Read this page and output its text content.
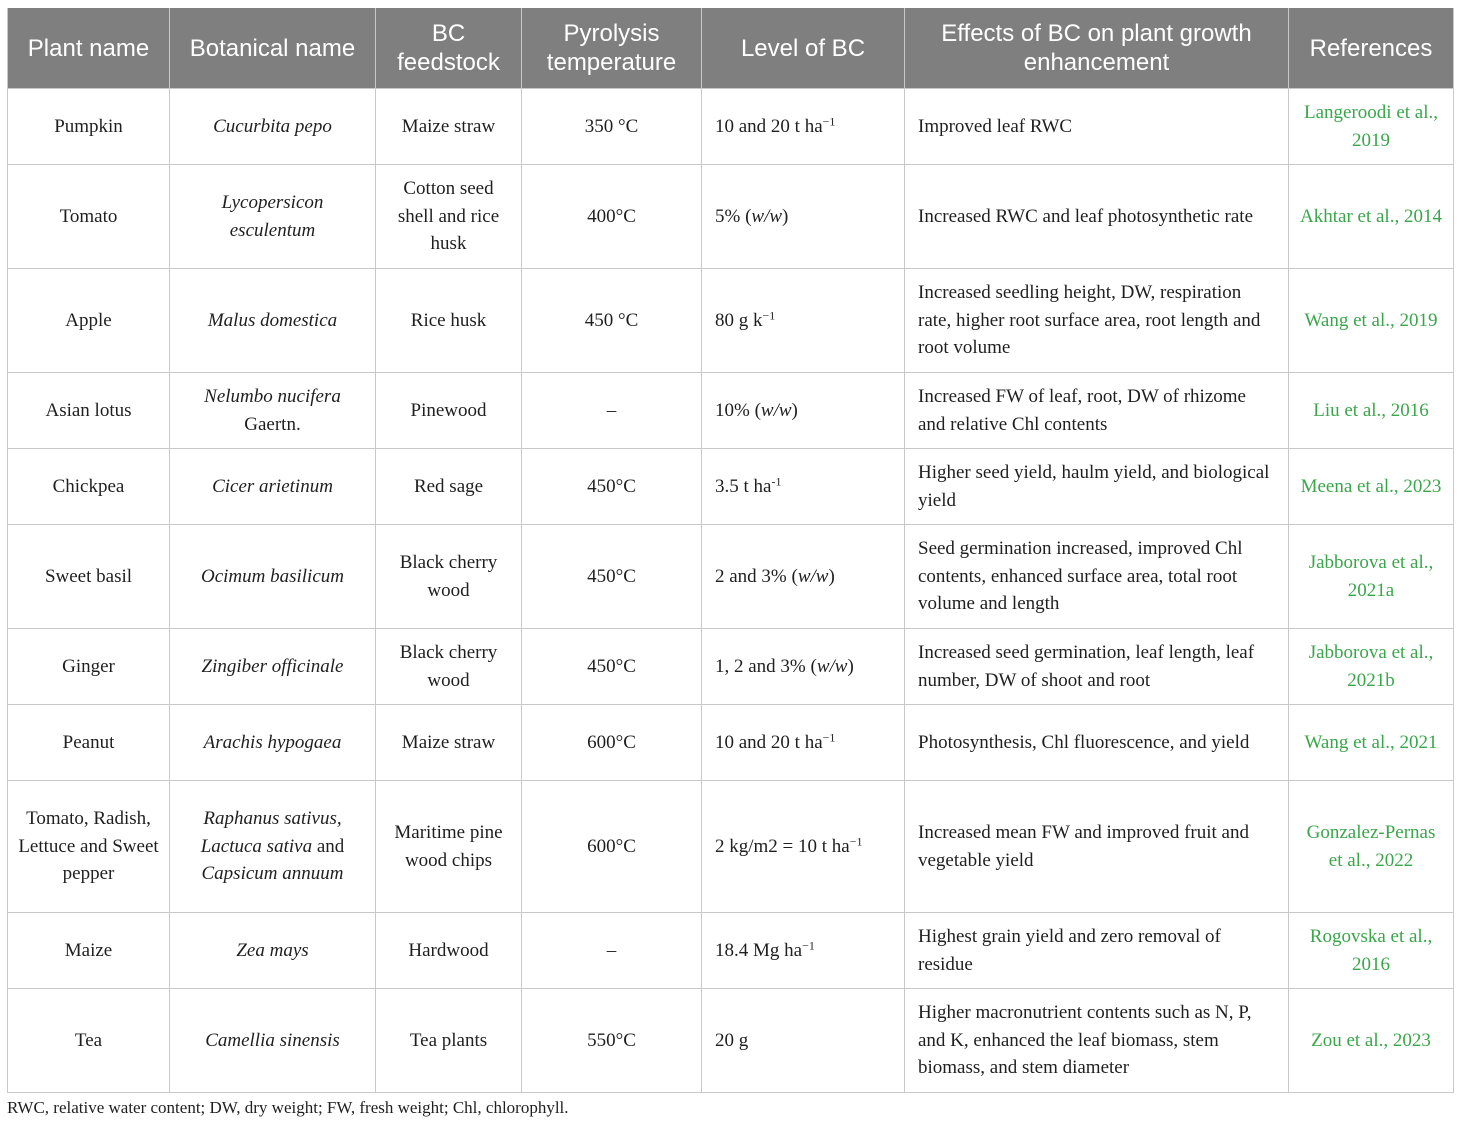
Plant name	Botanical name	BC feedstock	Pyrolysis temperature	Level of BC	Effects of BC on plant growth enhancement	References
Pumpkin	Cucurbita pepo	Maize straw	350 °C	10 and 20 t $ha^{-1}$	Improved leaf RWC	Langeroodi et al., 2019
Tomato	Lycopersicon esculentum	Cotton seed shell and rice husk	400°C	5% (w/w)	Increased RWC and leaf photosynthetic rate	Akhtar et al., 2014
Apple	Malus domestica	Rice husk	450 °C	80 g $k^{-1}$	Increased seedling height, DW, respiration rate, higher root surface area, root length and root volume	Wang et al., 2019
Asian lotus	Nelumbo nucifera Gaertn.	Pinewood	–	10% (w/w)	Increased FW of leaf, root, DW of rhizome and relative Chl contents	Liu et al., 2016
Chickpea	Cicer arietinum	Red sage	450°C	3.5 t $ha^{-1}$	Higher seed yield, haulm yield, and biological yield	Meena et al., 2023
Sweet basil	Ocimum basilicum	Black cherry wood	450°C	2 and 3% (w/w)	Seed germination increased, improved Chl contents, enhanced surface area, total root volume and length	Jabborova et al., 2021a
Ginger	Zingiber officinale	Black cherry wood	450°C	1, 2 and 3% (w/w)	Increased seed germination, leaf length, leaf number, DW of shoot and root	Jabborova et al., 2021b
Peanut	Arachis hypogaea	Maize straw	600°C	10 and 20 t $ha^{-1}$	Photosynthesis, Chl fluorescence, and yield	Wang et al., 2021
Tomato, Radish, Lettuce and Sweet pepper	Raphanus sativus, Lactuca sativa and Capsicum annuum	Maritime pine wood chips	600°C	2 kg/m2 = 10 t $ha^{-1}$	Increased mean FW and improved fruit and vegetable yield	Gonzalez-Pernas et al., 2022
Maize	Zea mays	Hardwood	–	18.4 Mg $ha^{-1}$	Highest grain yield and zero removal of residue	Rogovska et al., 2016
Tea	Camellia sinensis	Tea plants	550°C	20 g	Higher macronutrient contents such as N, P, and K, enhanced the leaf biomass, stem biomass, and stem diameter	Zou et al., 2023
RWC, relative water content; DW, dry weight; FW, fresh weight; Chl, chlorophyll.
